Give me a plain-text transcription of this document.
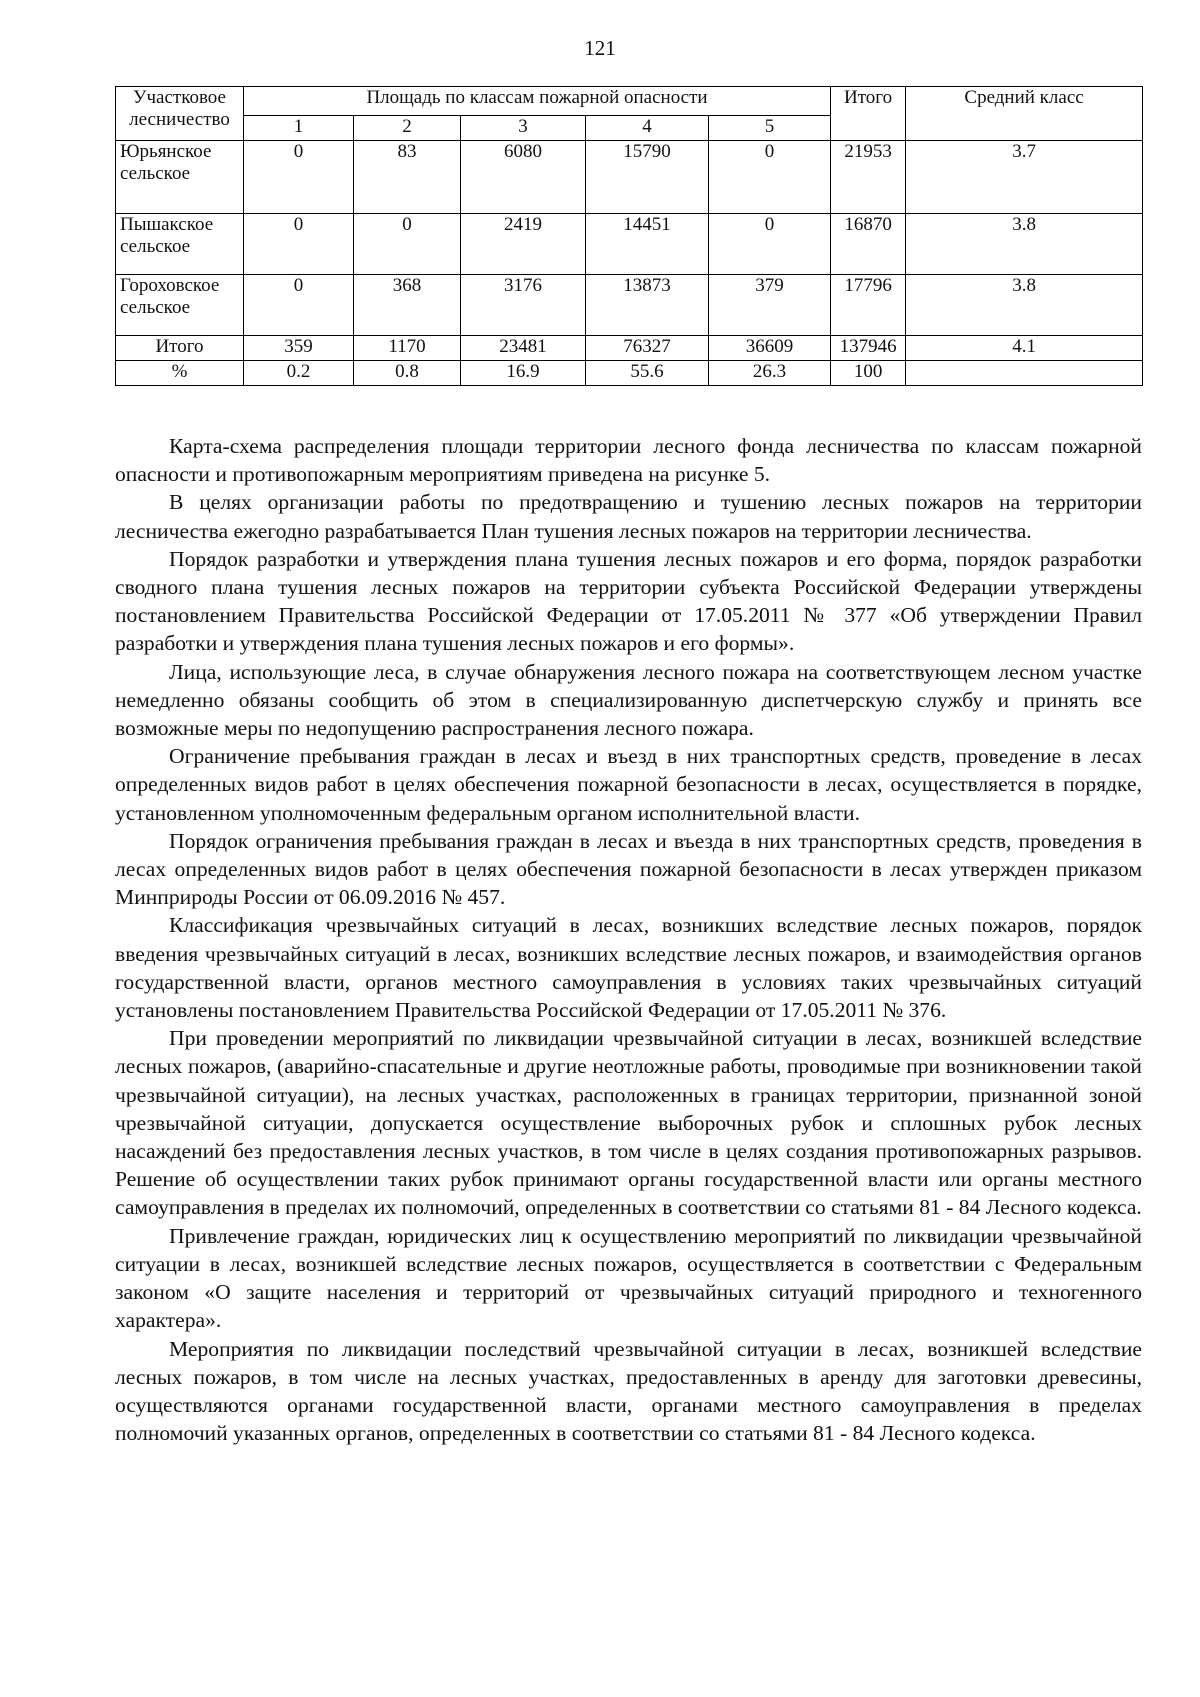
121
Участковое
лесничество	Площадь по классам пожарной опасности					Итого	Средний класс
	1	2	3	4	5		

Юрьянское
сельское	0	83	6080	15790	0	21953	3.7

Пышакское
сельское	0	0	2419	14451	0	16870	3.8

Гороховское
сельское	0	368	3176	13873	379	17796	3.8
Итого	359	1170	23481	76327	36609	137946	4.1
%	0.2	0.8	16.9	55.6	26.3	100	

Карта-схема распределения площади территории лесного фонда лесничества по классам пожарной опасности и противопожарным мероприятиям приведена на рисунке 5.

В целях организации работы по предотвращению и тушению лесных пожаров на территории лесничества ежегодно разрабатывается План тушения лесных пожаров на территории лесничества.

Порядок разработки и утверждения плана тушения лесных пожаров и его форма, порядок разработки сводного плана тушения лесных пожаров на территории субъекта Российской Федерации утверждены постановлением Правительства Российской Федерации от 17.05.2011 № 377 «Об утверждении Правил разработки и утверждения плана тушения лесных пожаров и его формы».

Лица, использующие леса, в случае обнаружения лесного пожара на соответствующем лесном участке немедленно обязаны сообщить об этом в специализированную диспетчерскую службу и принять все возможные меры по недопущению распространения лесного пожара.

Ограничение пребывания граждан в лесах и въезд в них транспортных средств, проведение в лесах определенных видов работ в целях обеспечения пожарной безопасности в лесах, осуществляется в порядке, установленном уполномоченным федеральным органом исполнительной власти.

Порядок ограничения пребывания граждан в лесах и въезда в них транспортных средств, проведения в лесах определенных видов работ в целях обеспечения пожарной безопасности в лесах утвержден приказом Минприроды России от 06.09.2016 № 457.

Классификация чрезвычайных ситуаций в лесах, возникших вследствие лесных пожаров, порядок введения чрезвычайных ситуаций в лесах, возникших вследствие лесных пожаров, и взаимодействия органов государственной власти, органов местного самоуправления в условиях таких чрезвычайных ситуаций установлены постановлением Правительства Российской Федерации от 17.05.2011 № 376.

При проведении мероприятий по ликвидации чрезвычайной ситуации в лесах, возникшей вследствие лесных пожаров, (аварийно-спасательные и другие неотложные работы, проводимые при возникновении такой чрезвычайной ситуации), на лесных участках, расположенных в границах территории, признанной зоной чрезвычайной ситуации, допускается осуществление выборочных рубок и сплошных рубок лесных насаждений без предоставления лесных участков, в том числе в целях создания противопожарных разрывов. Решение об осуществлении таких рубок принимают органы государственной власти или органы местного самоуправления в пределах их полномочий, определенных в соответствии со статьями 81 - 84 Лесного кодекса.

Привлечение граждан, юридических лиц к осуществлению мероприятий по ликвидации чрезвычайной ситуации в лесах, возникшей вследствие лесных пожаров, осуществляется в соответствии с Федеральным законом «О защите населения и территорий от чрезвычайных ситуаций природного и техногенного характера».

Мероприятия по ликвидации последствий чрезвычайной ситуации в лесах, возникшей вследствие лесных пожаров, в том числе на лесных участках, предоставленных в аренду для заготовки древесины, осуществляются органами государственной власти, органами местного самоуправления в пределах полномочий указанных органов, определенных в соответствии со статьями 81 - 84 Лесного кодекса.
